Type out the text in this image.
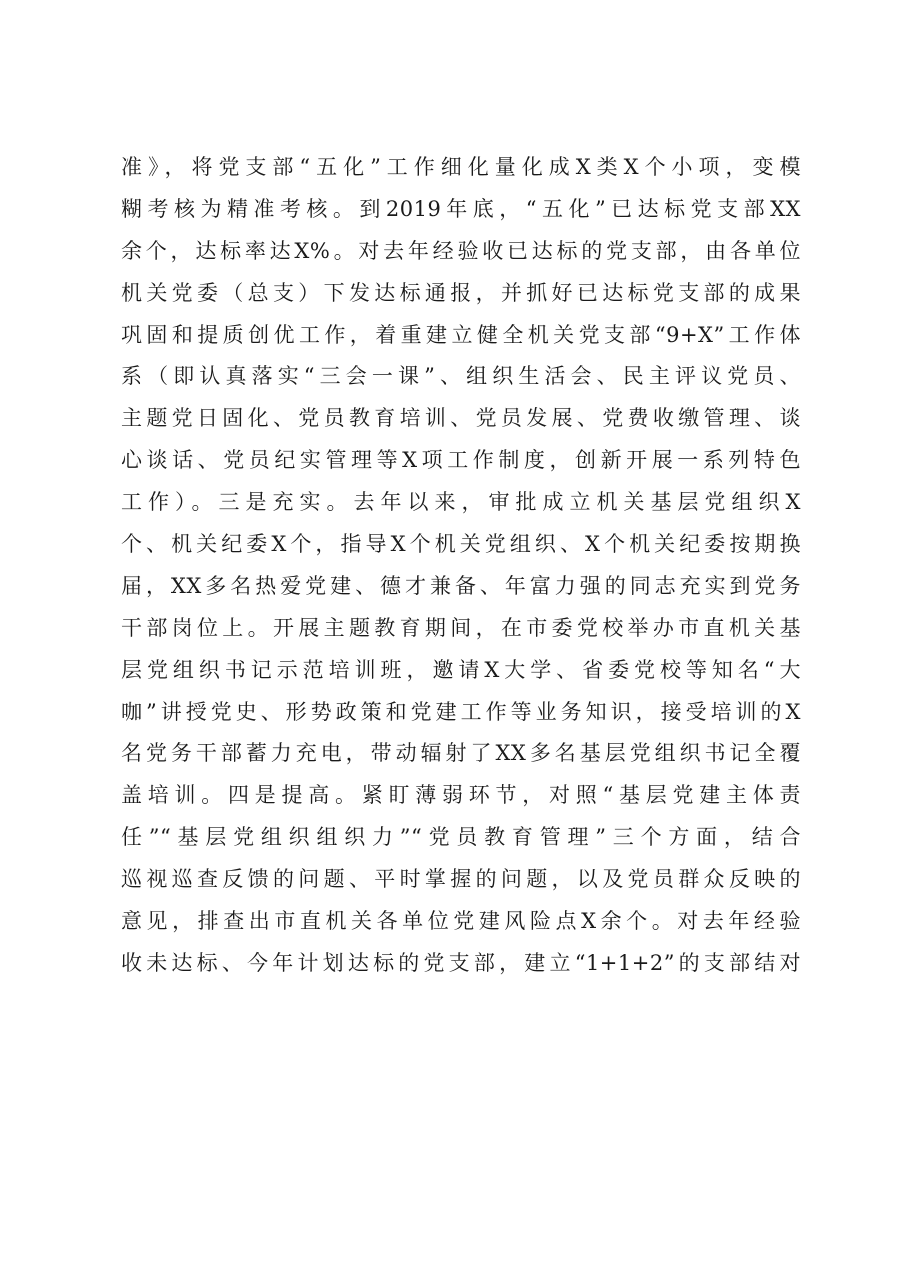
准》，将党支部“五化”工作细化量化成X类X个小项，变模
糊考核为精准考核。到2019年底，“五化”已达标党支部XX
余个，达标率达X%。对去年经验收已达标的党支部，由各单位
机关党委（总支）下发达标通报，并抓好已达标党支部的成果
巩固和提质创优工作，着重建立健全机关党支部“9+X”工作体
系（即认真落实“三会一课”、组织生活会、民主评议党员、
主题党日固化、党员教育培训、党员发展、党费收缴管理、谈
心谈话、党员纪实管理等X项工作制度，创新开展一系列特色
工作）。三是充实。去年以来，审批成立机关基层党组织X
个、机关纪委X个，指导X个机关党组织、X个机关纪委按期换
届，XX多名热爱党建、德才兼备、年富力强的同志充实到党务
干部岗位上。开展主题教育期间，在市委党校举办市直机关基
层党组织书记示范培训班，邀请X大学、省委党校等知名“大
咖”讲授党史、形势政策和党建工作等业务知识，接受培训的X
名党务干部蓄力充电，带动辐射了XX多名基层党组织书记全覆
盖培训。四是提高。紧盯薄弱环节，对照“基层党建主体责
任”“基层党组织组织力”“党员教育管理”三个方面，结合
巡视巡查反馈的问题、平时掌握的问题，以及党员群众反映的
意见，排查出市直机关各单位党建风险点X余个。对去年经验
收未达标、今年计划达标的党支部，建立“1+1+2”的支部结对
